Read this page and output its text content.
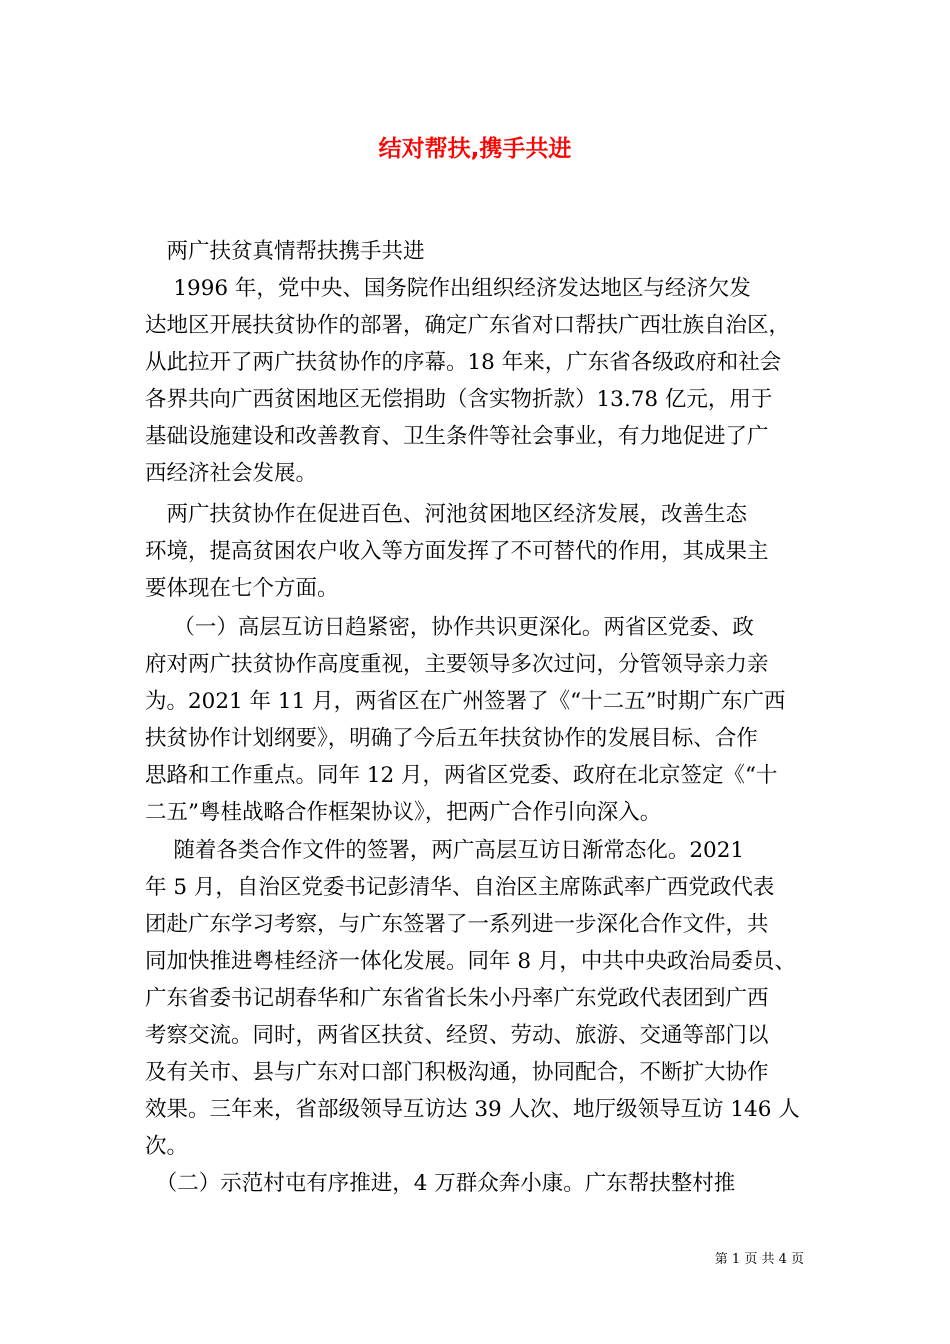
结对帮扶,携手共进

　两广扶贫真情帮扶携手共进

　 1996 年，党中央、国务院作出组织经济发达地区与经济欠发
达地区开展扶贫协作的部署，确定广东省对口帮扶广西壮族自治区，
从此拉开了两广扶贫协作的序幕。18 年来，广东省各级政府和社会
各界共向广西贫困地区无偿捐助（含实物折款）13.78 亿元，用于
基础设施建设和改善教育、卫生条件等社会事业，有力地促进了广
西经济社会发展。

　两广扶贫协作在促进百色、河池贫困地区经济发展，改善生态
环境，提高贫困农户收入等方面发挥了不可替代的作用，其成果主
要体现在七个方面。

　 （一）高层互访日趋紧密，协作共识更深化。两省区党委、政
府对两广扶贫协作高度重视，主要领导多次过问，分管领导亲力亲
为。2021 年 11 月，两省区在广州签署了《“十二五”时期广东广西
扶贫协作计划纲要》，明确了今后五年扶贫协作的发展目标、合作
思路和工作重点。同年 12 月，两省区党委、政府在北京签定《“十
二五”粤桂战略合作框架协议》，把两广合作引向深入。

　 随着各类合作文件的签署，两广高层互访日渐常态化。2021
年 5 月，自治区党委书记彭清华、自治区主席陈武率广西党政代表
团赴广东学习考察，与广东签署了一系列进一步深化合作文件，共
同加快推进粤桂经济一体化发展。同年 8 月，中共中央政治局委员、
广东省委书记胡春华和广东省省长朱小丹率广东党政代表团到广西
考察交流。同时，两省区扶贫、经贸、劳动、旅游、交通等部门以
及有关市、县与广东对口部门积极沟通，协同配合，不断扩大协作
效果。三年来，省部级领导互访达 39 人次、地厅级领导互访 146 人
次。

　（二）示范村屯有序推进，4 万群众奔小康。广东帮扶整村推

第 1 页 共 4 页
